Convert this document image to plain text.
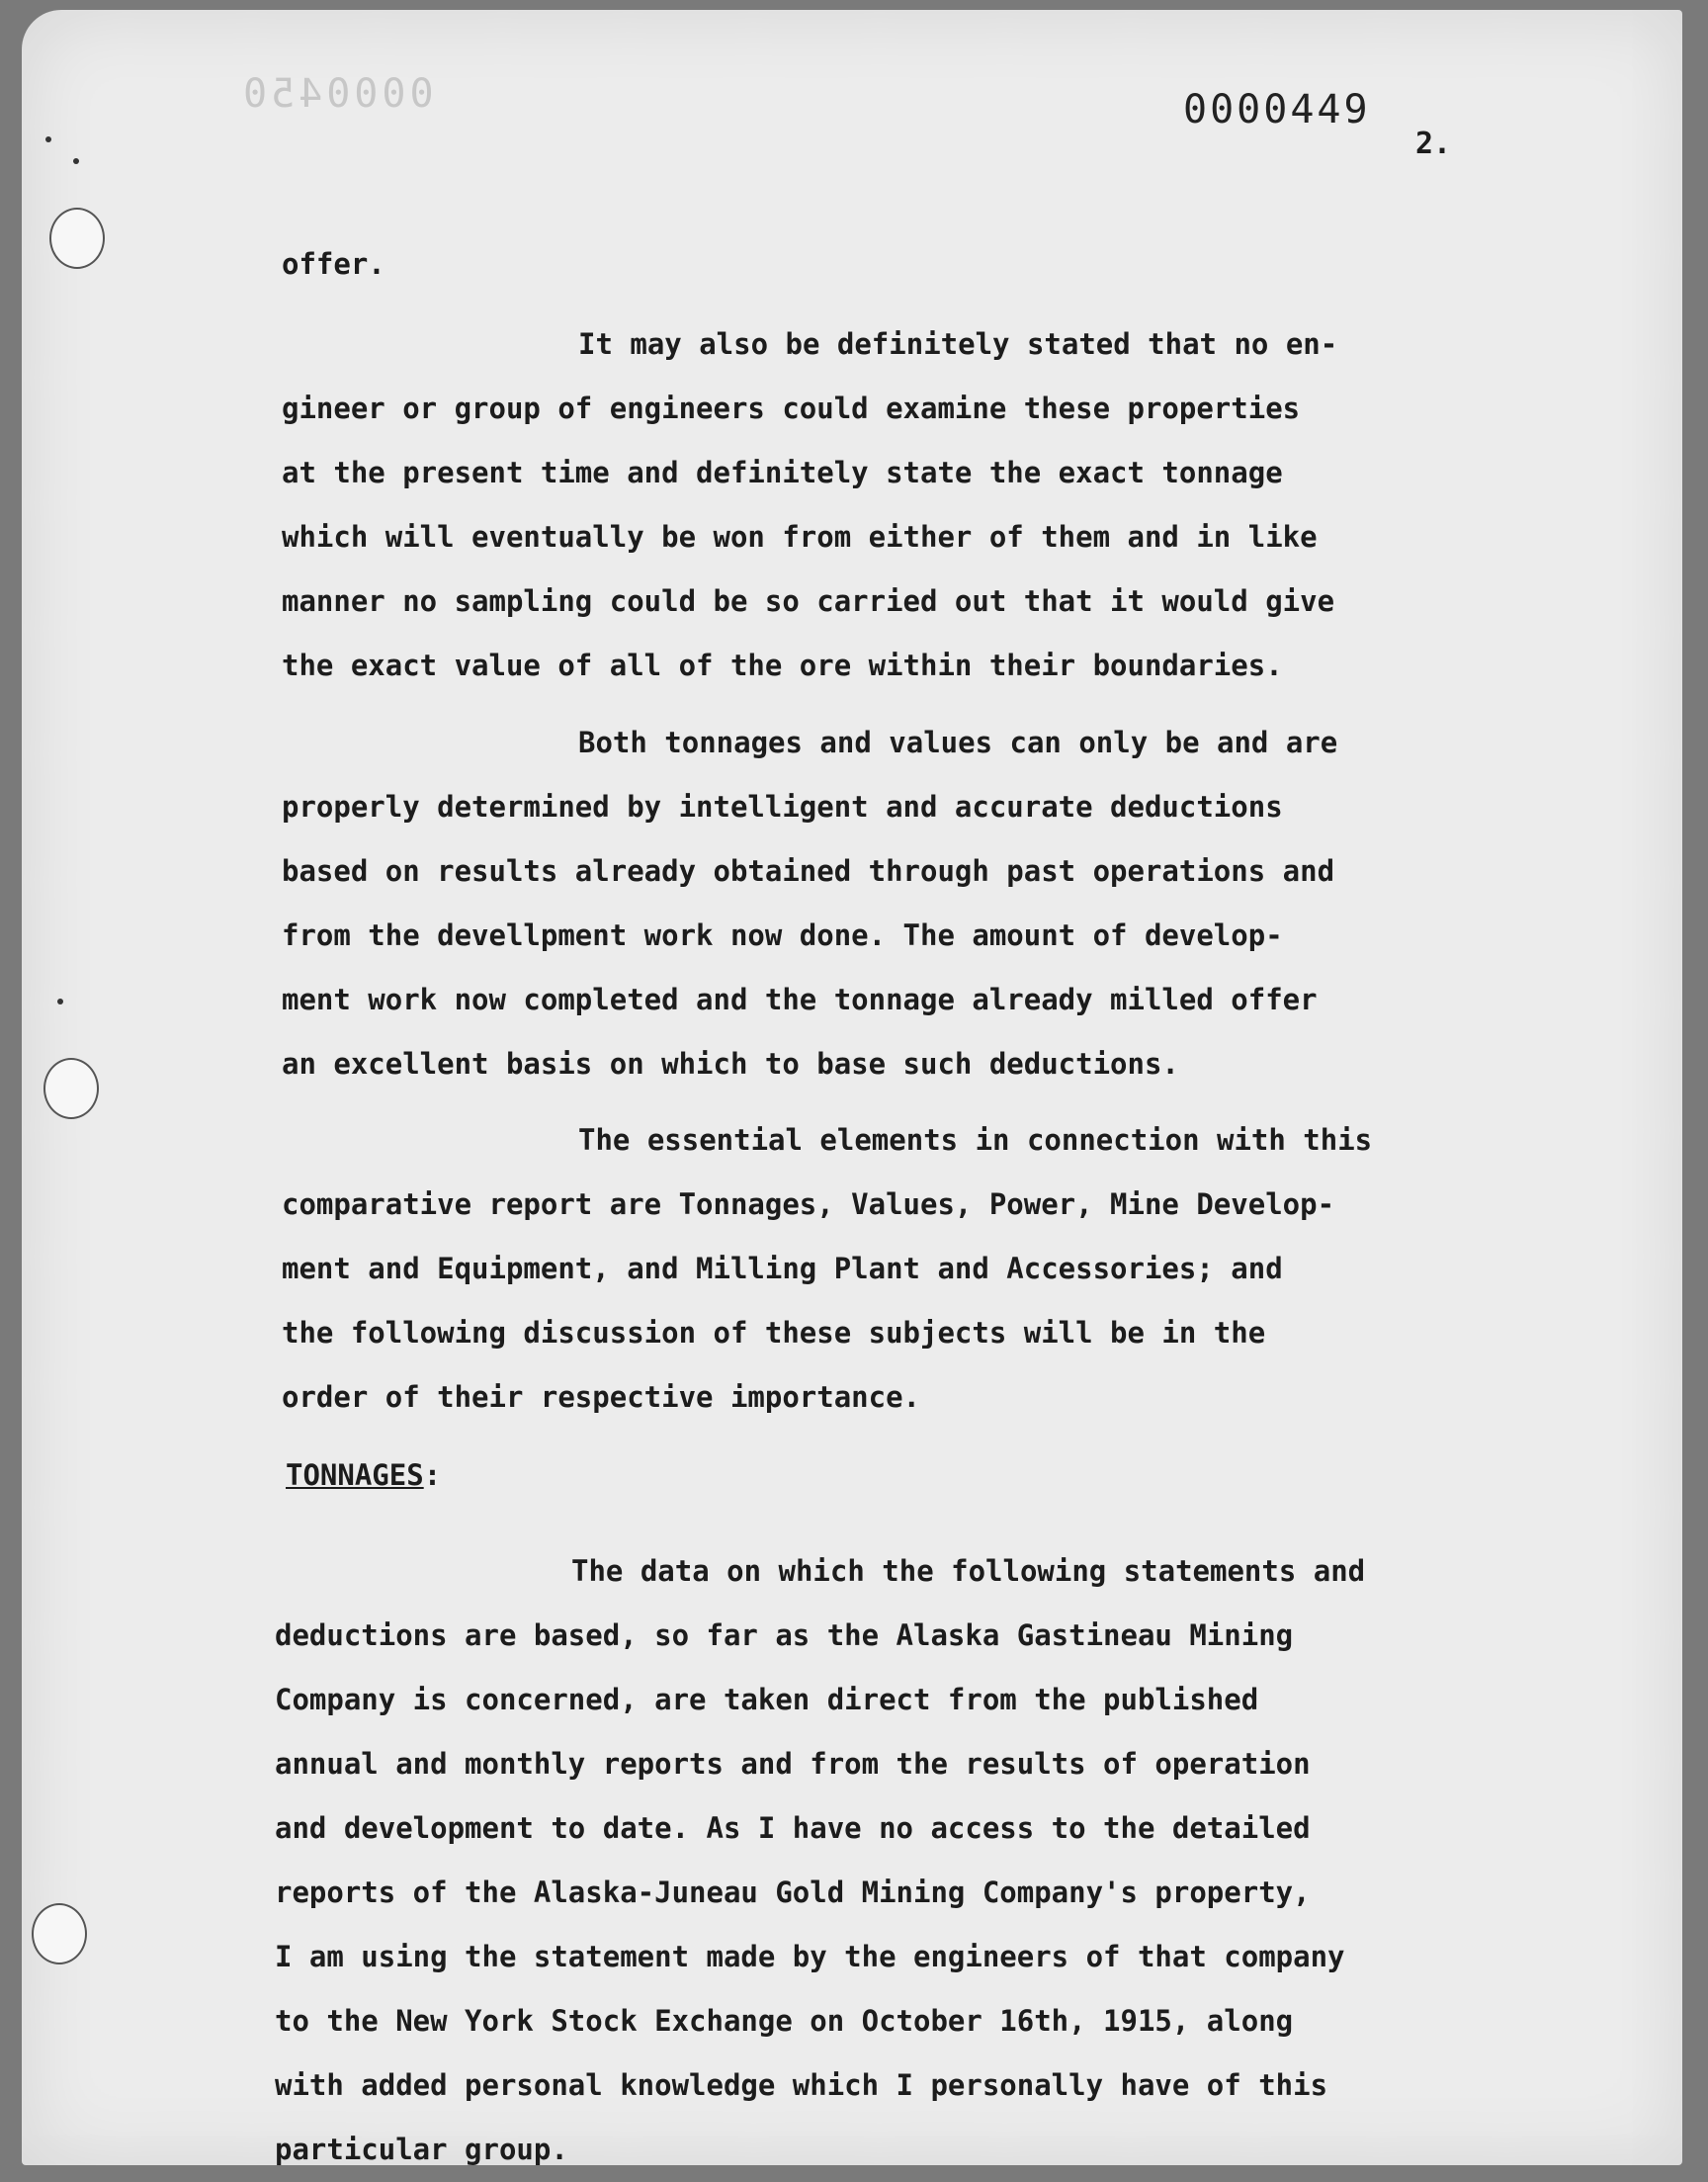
0000450	0000449
2.

offer.

It may also be definitely stated that no en-
gineer or group of engineers could examine these properties
at the present time and definitely state the exact tonnage
which will eventually be won from either of them and in like
manner no sampling could be so carried out that it would give
the exact value of all of the ore within their boundaries.

Both tonnages and values can only be and are
properly determined by intelligent and accurate deductions
based on results already obtained through past operations and
from the devellpment work now done. The amount of develop-
ment work now completed and the tonnage already milled offer
an excellent basis on which to base such deductions.

The essential elements in connection with this
comparative report are Tonnages, Values, Power, Mine Develop-
ment and Equipment, and Milling Plant and Accessories; and
the following discussion of these subjects will be in the
order of their respective importance.

TONNAGES:

The data on which the following statements and
deductions are based, so far as the Alaska Gastineau Mining
Company is concerned, are taken direct from the published
annual and monthly reports and from the results of operation
and development to date. As I have no access to the detailed
reports of the Alaska-Juneau Gold Mining Company's property,
I am using the statement made by the engineers of that company
to the New York Stock Exchange on October 16th, 1915, along
with added personal knowledge which I personally have of this
particular group.
